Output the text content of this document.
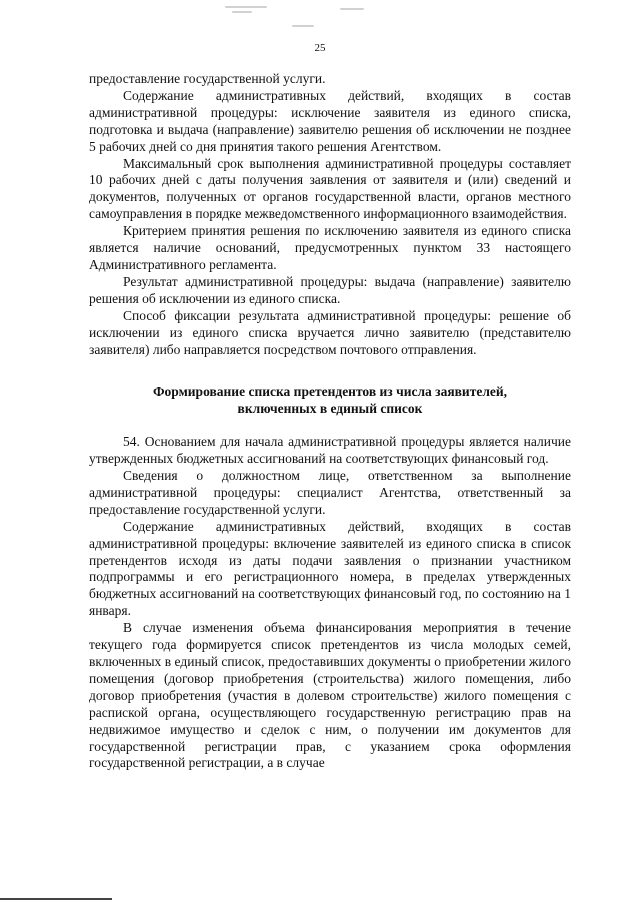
25

предоставление государственной услуги.

Содержание административных действий, входящих в состав административной процедуры: исключение заявителя из единого списка, подготовка и выдача (направление) заявителю решения об исключении не позднее 5 рабочих дней со дня принятия такого решения Агентством.

Максимальный срок выполнения административной процедуры составляет 10 рабочих дней с даты получения заявления от заявителя и (или) сведений и документов, полученных от органов государственной власти, органов местного самоуправления в порядке межведомственного информационного взаимодействия.

Критерием принятия решения по исключению заявителя из единого списка является наличие оснований, предусмотренных пунктом 33 настоящего Административного регламента.

Результат административной процедуры: выдача (направление) заявителю решения об исключении из единого списка.

Способ фиксации результата административной процедуры: решение об исключении из единого списка вручается лично заявителю (представителю заявителя) либо направляется посредством почтового отправления.

Формирование списка претендентов из числа заявителей,
включенных в единый список

54. Основанием для начала административной процедуры является наличие утвержденных бюджетных ассигнований на соответствующих финансовый год.

Сведения о должностном лице, ответственном за выполнение административной процедуры: специалист Агентства, ответственный за предоставление государственной услуги.

Содержание административных действий, входящих в состав административной процедуры: включение заявителей из единого списка в список претендентов исходя из даты подачи заявления о признании участником подпрограммы и его регистрационного номера, в пределах утвержденных бюджетных ассигнований на соответствующих финансовый год, по состоянию на 1 января.

В случае изменения объема финансирования мероприятия в течение текущего года формируется список претендентов из числа молодых семей, включенных в единый список, предоставивших документы о приобретении жилого помещения (договор приобретения (строительства) жилого помещения, либо договор приобретения (участия в долевом строительстве) жилого помещения с распиской органа, осуществляющего государственную регистрацию прав на недвижимое имущество и сделок с ним, о получении им документов для государственной регистрации прав, с указанием срока оформления государственной регистрации, а в случае
